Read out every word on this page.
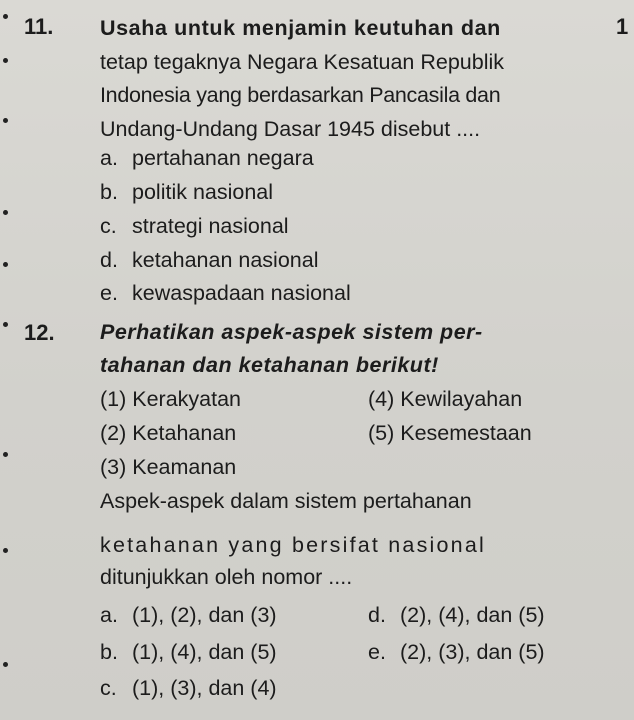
11.	1
Usaha untuk menjamin keutuhan dan
tetap tegaknya Negara Kesatuan Republik
Indonesia yang berdasarkan Pancasila dan
Undang-Undang Dasar 1945 disebut ....
a. pertahanan negara
b. politik nasional
c. strategi nasional
d. ketahanan nasional
e. kewaspadaan nasional
12. Perhatikan aspek-aspek sistem per-
tahanan dan ketahanan berikut!
(1) Kerakyatan
(2) Ketahanan
(3) Keamanan
(4) Kewilayahan
(5) Kesemestaan
Aspek-aspek dalam sistem pertahanan
ketahanan yang bersifat nasional
ditunjukkan oleh nomor ....
a. (1), (2), dan (3)
b. (1), (4), dan (5)
c. (1), (3), dan (4)
d. (2), (4), dan (5)
e. (2), (3), dan (5)
